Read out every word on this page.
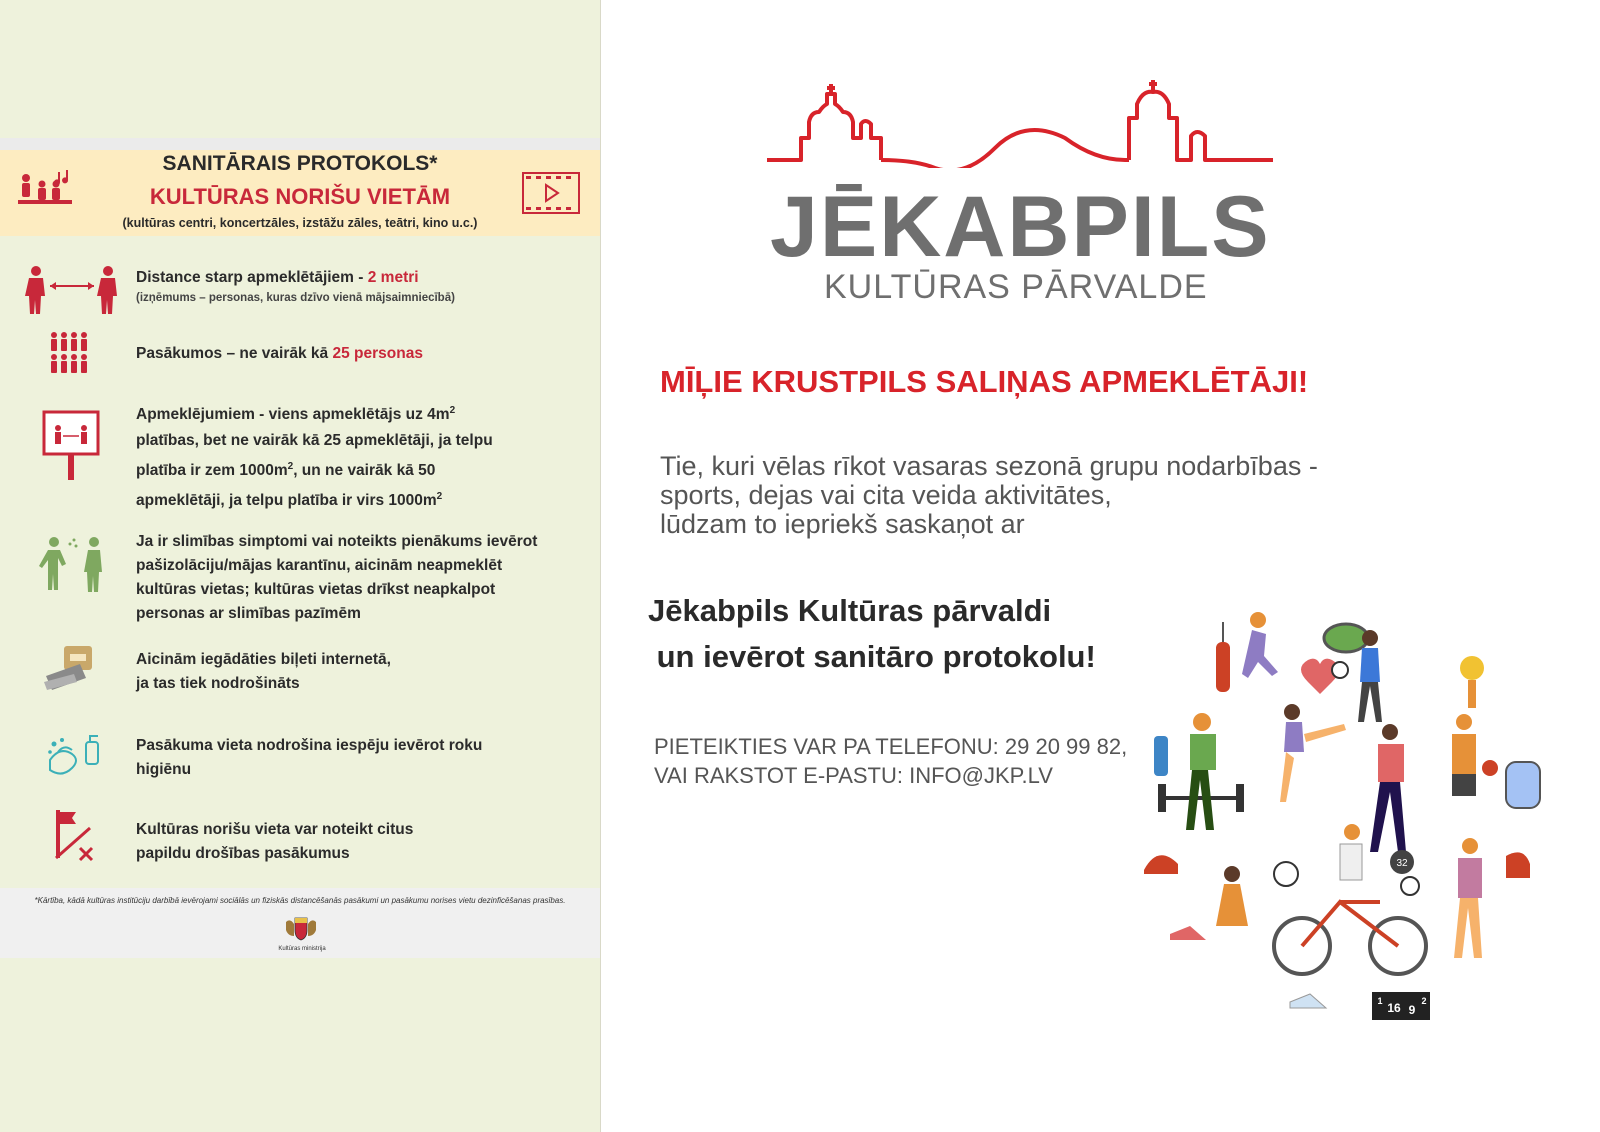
SANITĀRAIS PROTOKOLS*
KULTŪRAS NORIŠU VIETĀM
(kultūras centri, koncertzāles, izstāžu zāles, teātri, kino u.c.)
Distance starp apmeklētājiem - 2 metri
(izņēmums – personas, kuras dzīvo vienā mājsaimniecībā)
Pasākumos – ne vairāk kā 25 personas
Apmeklējumiem - viens apmeklētājs uz $4m^2$
platības, bet ne vairāk kā 25 apmeklētāji, ja telpu
platība ir zem $1000m^2$, un ne vairāk kā 50
apmeklētāji, ja telpu platība ir virs $1000m^2$
Ja ir slimības simptomi vai noteikts pienākums ievērot pašizolāciju/mājas karantīnu, aicinām neapmeklēt kultūras vietas; kultūras vietas drīkst neapkalpot personas ar slimības pazīmēm
Aicinām iegādāties biļeti internetā,
ja tas tiek nodrošināts
Pasākuma vieta nodrošina iespēju ievērot roku
higiēnu
Kultūras norišu vieta var noteikt citus
papildu drošības pasākumus
*Kārtība, kādā kultūras institūciju darbībā ievērojami sociālās un fiziskās distancēšanās pasākumi un pasākumu norises vietu dezinficēšanas prasības.
Kultūras ministrija
JĒKABPILS
KULTŪRAS PĀRVALDE
MĪĻIE KRUSTPILS SALIŅAS APMEKLĒTĀJI!
Tie, kuri vēlas rīkot vasaras sezonā grupu nodarbības -
sports, dejas vai cita veida aktivitātes,
lūdzam to iepriekš saskaņot ar
Jēkabpils Kultūras pārvaldi
un ievērot sanitāro protokolu!
PIETEIKTIES VAR PA TELEFONU: 29 20 99 82,
VAI RAKSTOT E-PASTU: INFO@JKP.LV
32
1 16 9
2
